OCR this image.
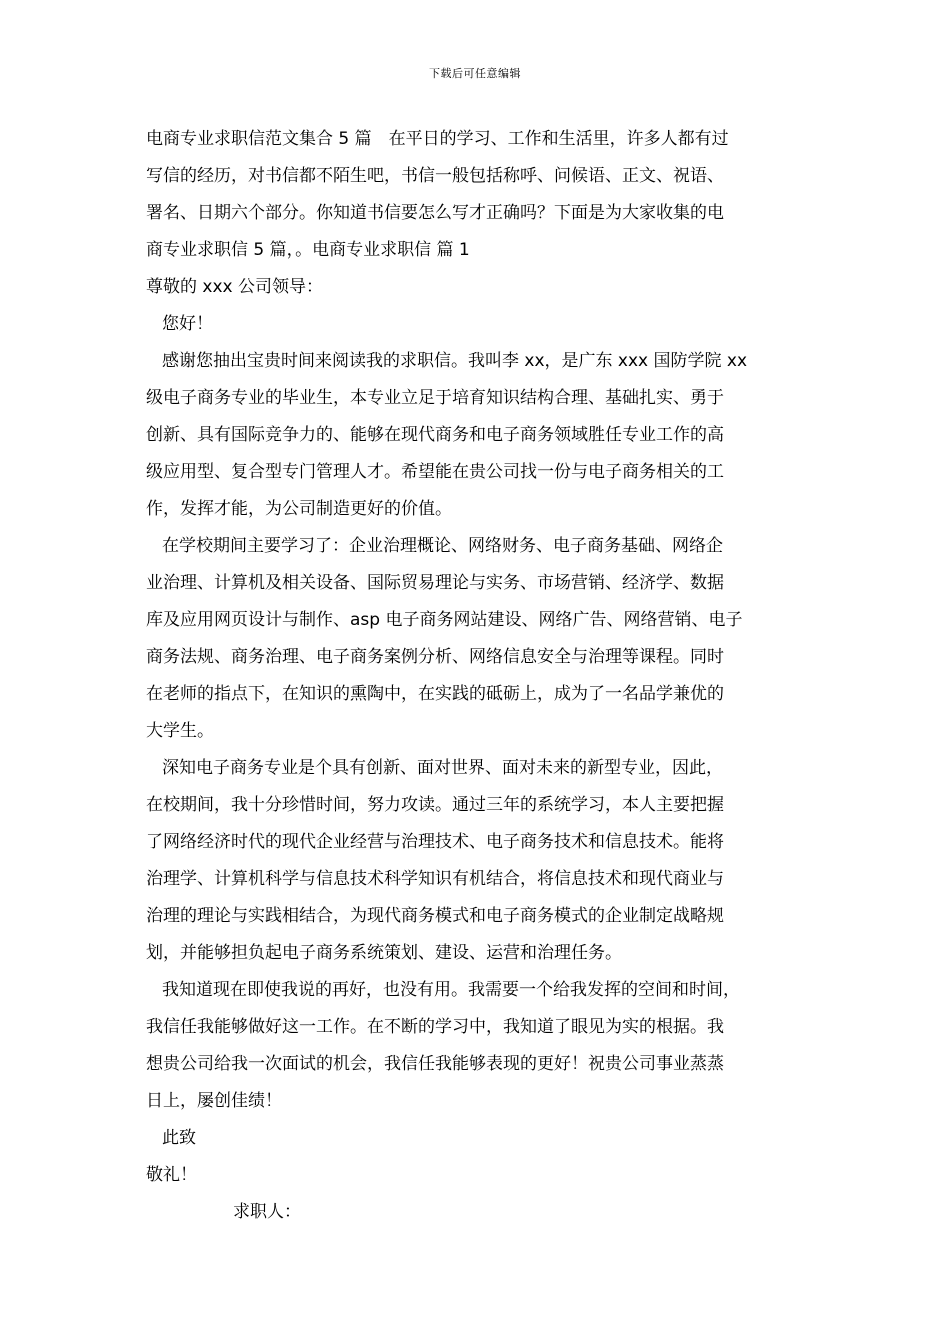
下载后可任意编辑
电商专业求职信范文集合 5 篇　在平日的学习、工作和生活里，许多人都有过
写信的经历，对书信都不陌生吧，书信一般包括称呼、问候语、正文、祝语、
署名、日期六个部分。你知道书信要怎么写才正确吗？下面是为大家收集的电
商专业求职信 5 篇，。电商专业求职信 篇 1
尊敬的 xxx 公司领导：
您好！
感谢您抽出宝贵时间来阅读我的求职信。我叫李 xx，是广东 xxx 国防学院 xx
级电子商务专业的毕业生，本专业立足于培育知识结构合理、基础扎实、勇于
创新、具有国际竞争力的、能够在现代商务和电子商务领域胜任专业工作的高
级应用型、复合型专门管理人才。希望能在贵公司找一份与电子商务相关的工
作，发挥才能，为公司制造更好的价值。
在学校期间主要学习了：企业治理概论、网络财务、电子商务基础、网络企
业治理、计算机及相关设备、国际贸易理论与实务、市场营销、经济学、数据
库及应用网页设计与制作、asp 电子商务网站建设、网络广告、网络营销、电子
商务法规、商务治理、电子商务案例分析、网络信息安全与治理等课程。同时
在老师的指点下，在知识的熏陶中，在实践的砥砺上，成为了一名品学兼优的
大学生。
深知电子商务专业是个具有创新、面对世界、面对未来的新型专业，因此，
在校期间，我十分珍惜时间，努力攻读。通过三年的系统学习，本人主要把握
了网络经济时代的现代企业经营与治理技术、电子商务技术和信息技术。能将
治理学、计算机科学与信息技术科学知识有机结合，将信息技术和现代商业与
治理的理论与实践相结合，为现代商务模式和电子商务模式的企业制定战略规
划，并能够担负起电子商务系统策划、建设、运营和治理任务。
我知道现在即使我说的再好，也没有用。我需要一个给我发挥的空间和时间，
我信任我能够做好这一工作。在不断的学习中，我知道了眼见为实的根据。我
想贵公司给我一次面试的机会，我信任我能够表现的更好！祝贵公司事业蒸蒸
日上，屡创佳绩！
此致
敬礼！
求职人：
